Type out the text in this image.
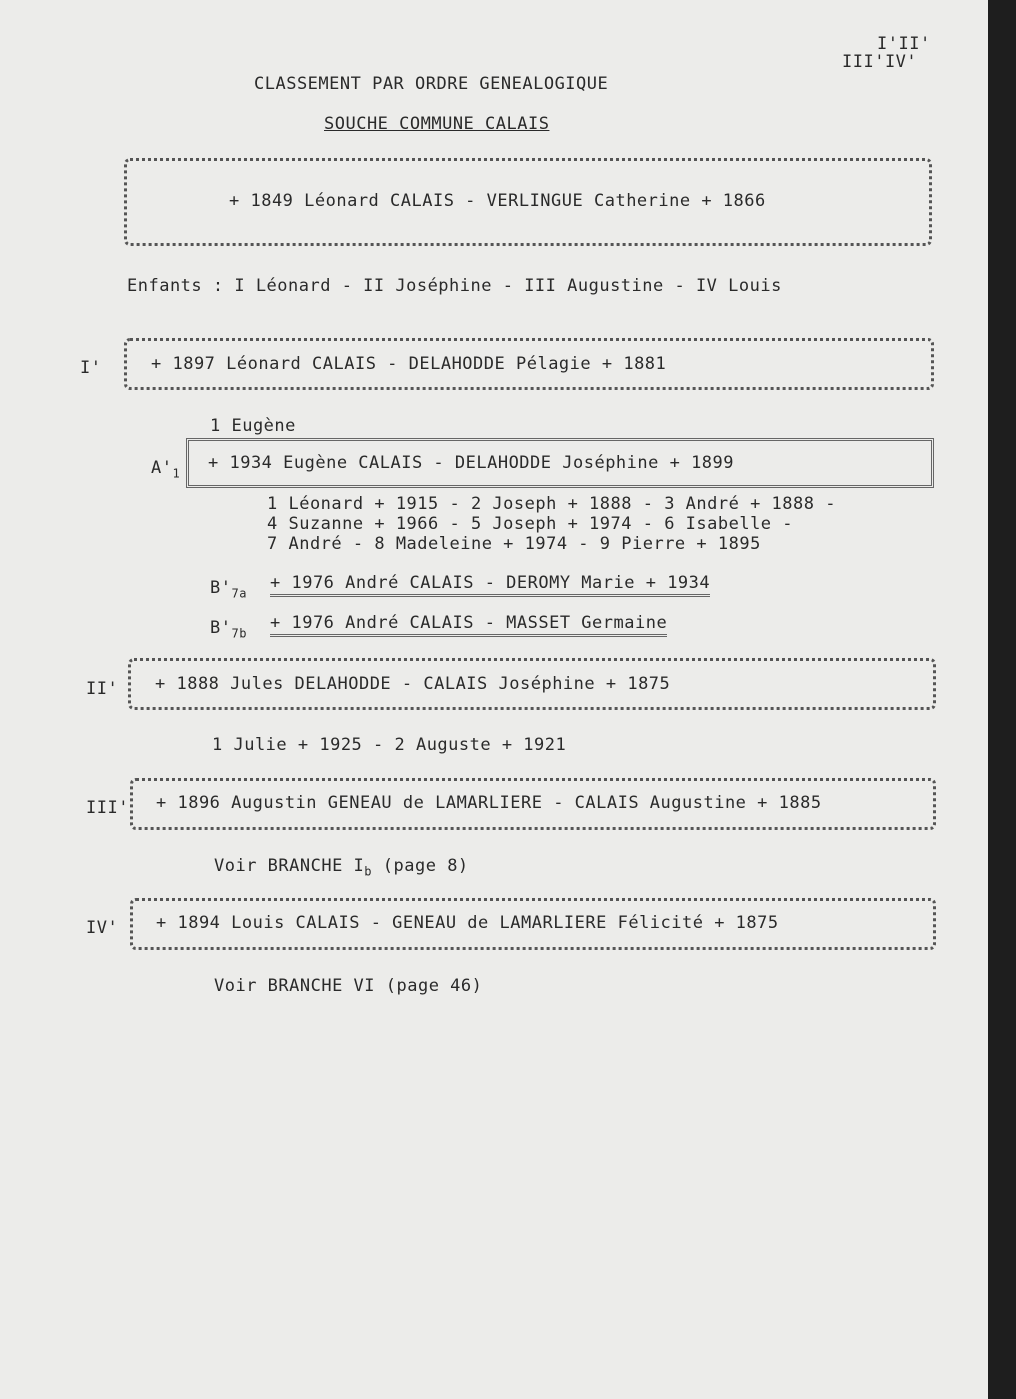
I'II'
III'IV'
CLASSEMENT PAR ORDRE GENEALOGIQUE
SOUCHE COMMUNE CALAIS
+ 1849 Léonard CALAIS - VERLINGUE Catherine + 1866
Enfants : I Léonard - II Joséphine - III Augustine - IV Louis
I'	+ 1897 Léonard CALAIS - DELAHODDE Pélagie + 1881
1 Eugène
$A'_1$
+ 1934 Eugène CALAIS - DELAHODDE Joséphine + 1899
1 Léonard + 1915 - 2 Joseph + 1888 - 3 André + 1888 -
4 Suzanne + 1966 - 5 Joseph + 1974 - 6 Isabelle -
7 André - 8 Madeleine + 1974 - 9 Pierre + 1895
$B'_{7a}$
+ 1976 André CALAIS - DEROMY Marie + 1934
$B'_{7b}$
+ 1976 André CALAIS - MASSET Germaine
II' + 1888 Jules DELAHODDE - CALAIS Joséphine + 1875
1 Julie + 1925 - 2 Auguste + 1921
III' + 1896 Augustin GENEAU de LAMARLIERE - CALAIS Augustine + 1885
Voir BRANCHE $I_b$ (page 8)
IV' + 1894 Louis CALAIS - GENEAU de LAMARLIERE Félicité + 1875
Voir BRANCHE VI (page 46)
